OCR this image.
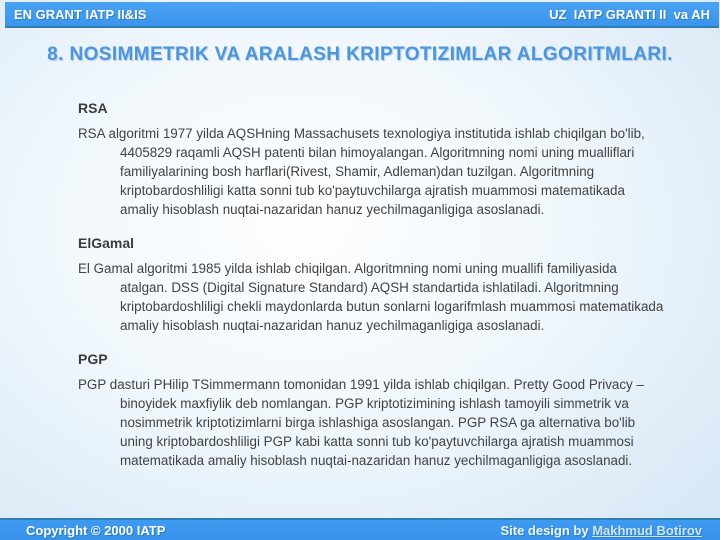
EN GRANT IATP II&IS	UZ  IATP GRANTI II  va AH
8. NOSIMMETRIK VA ARALASH KRIPTOTIZIMLAR ALGORITMLARI.
RSA

RSA algoritmi 1977 yilda AQSHning Massachusets texnologiya institutida ishlab chiqilgan bo'lib, 4405829 raqamli AQSH patenti bilan himoyalangan. Algoritmning nomi uning mualliflari familiyalarining bosh harflari(Rivest, Shamir, Adleman)dan tuzilgan. Algoritmning kriptobardoshliligi katta sonni tub ko'paytuvchilarga ajratish muammosi matematikada amaliy hisoblash nuqtai-nazaridan hanuz yechilmaganligiga asoslanadi.

ElGamal

El Gamal algoritmi 1985 yilda ishlab chiqilgan. Algoritmning nomi uning muallifi familiyasida atalgan. DSS (Digital Signature Standard) AQSH standartida ishlatiladi. Algoritmning kriptobardoshliligi chekli maydonlarda butun sonlarni logarifmlash muammosi matematikada amaliy hisoblash nuqtai-nazaridan hanuz yechilmaganligiga asoslanadi.

PGP

PGP dasturi PHilip TSimmermann tomonidan 1991 yilda ishlab chiqilgan. Pretty Good Privacy –binoyidek maxfiylik deb nomlangan. PGP kriptotizimining ishlash tamoyili simmetrik va nosimmetrik kriptotizimlarni birga ishlashiga asoslangan. PGP RSA ga alternativa bo'lib uning kriptobardoshliligi PGP kabi katta sonni tub ko'paytuvchilarga ajratish muammosi matematikada amaliy hisoblash nuqtai-nazaridan hanuz yechilmaganligiga asoslanadi.

Copyright © 2000 IATP	Site design by Makhmud Botirov
